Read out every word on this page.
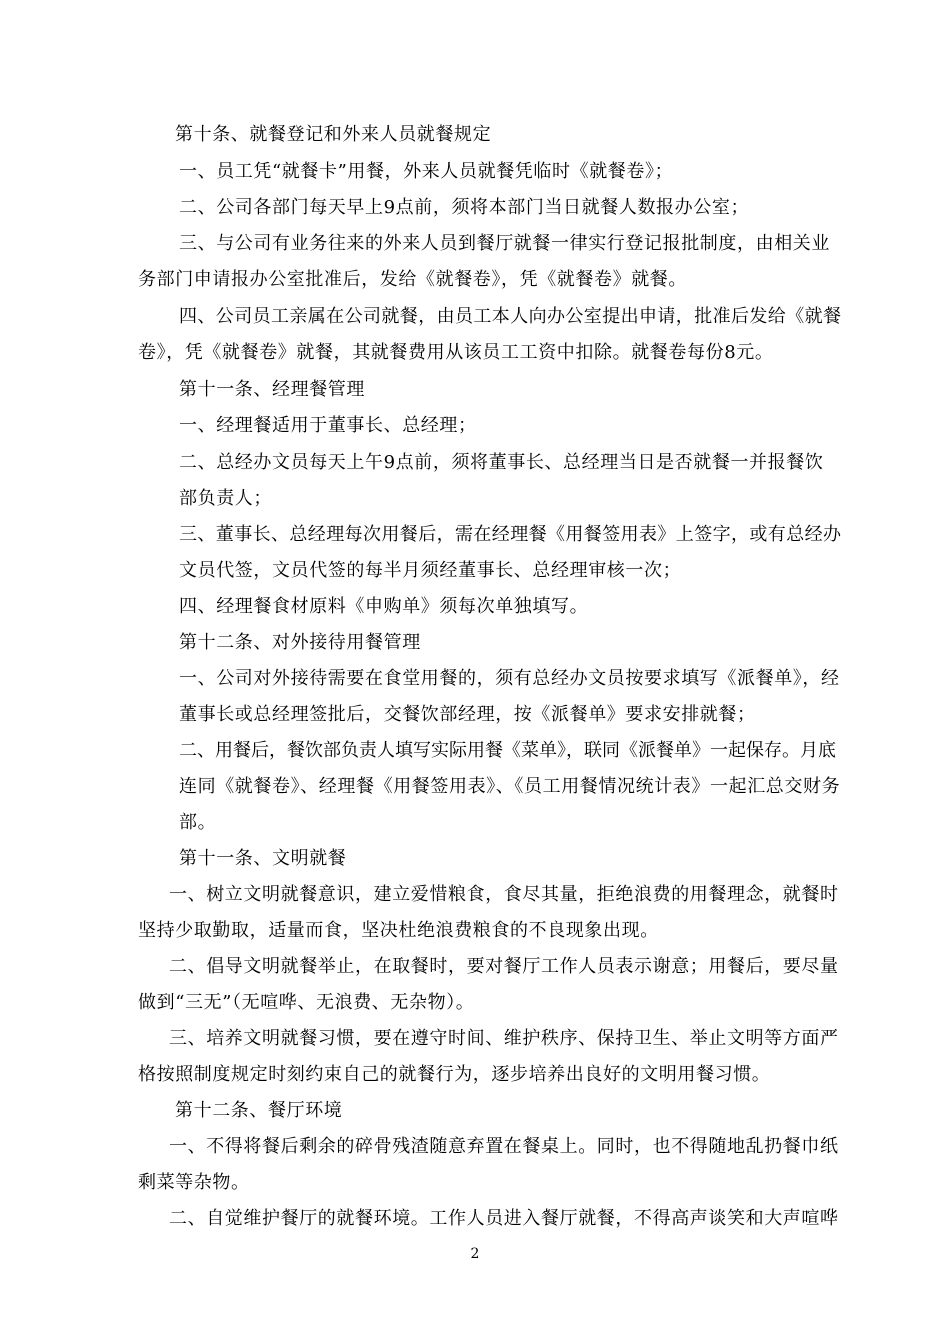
第十条、就餐登记和外来人员就餐规定
一、员工凭“就餐卡”用餐，外来人员就餐凭临时《就餐卷》；
二、公司各部门每天早上9点前，须将本部门当日就餐人数报办公室；
三、与公司有业务往来的外来人员到餐厅就餐一律实行登记报批制度，由相关业
务部门申请报办公室批准后，发给《就餐卷》，凭《就餐卷》就餐。
四、公司员工亲属在公司就餐，由员工本人向办公室提出申请，批准后发给《就餐
卷》，凭《就餐卷》就餐，其就餐费用从该员工工资中扣除。就餐卷每份8元。
第十一条、经理餐管理
一、经理餐适用于董事长、总经理；
二、总经办文员每天上午9点前，须将董事长、总经理当日是否就餐一并报餐饮
部负责人；
三、董事长、总经理每次用餐后，需在经理餐《用餐签用表》上签字，或有总经办
文员代签，文员代签的每半月须经董事长、总经理审核一次；
四、经理餐食材原料《申购单》须每次单独填写。
第十二条、对外接待用餐管理
一、公司对外接待需要在食堂用餐的，须有总经办文员按要求填写《派餐单》，经
董事长或总经理签批后，交餐饮部经理，按《派餐单》要求安排就餐；
二、用餐后，餐饮部负责人填写实际用餐《菜单》，联同《派餐单》一起保存。月底
连同《就餐卷》、经理餐《用餐签用表》、《员工用餐情况统计表》一起汇总交财务
部。
第十一条、文明就餐
一、树立文明就餐意识，建立爱惜粮食，食尽其量，拒绝浪费的用餐理念，就餐时
坚持少取勤取，适量而食，坚决杜绝浪费粮食的不良现象出现。
二、倡导文明就餐举止，在取餐时，要对餐厅工作人员表示谢意；用餐后，要尽量
做到“三无”（无喧哗、无浪费、无杂物）。
三、培养文明就餐习惯，要在遵守时间、维护秩序、保持卫生、举止文明等方面严
格按照制度规定时刻约束自己的就餐行为，逐步培养出良好的文明用餐习惯。
第十二条、餐厅环境
一、不得将餐后剩余的碎骨残渣随意弃置在餐桌上。同时，也不得随地乱扔餐巾纸
剩菜等杂物。
二、自觉维护餐厅的就餐环境。工作人员进入餐厅就餐，不得高声谈笑和大声喧哗
2
